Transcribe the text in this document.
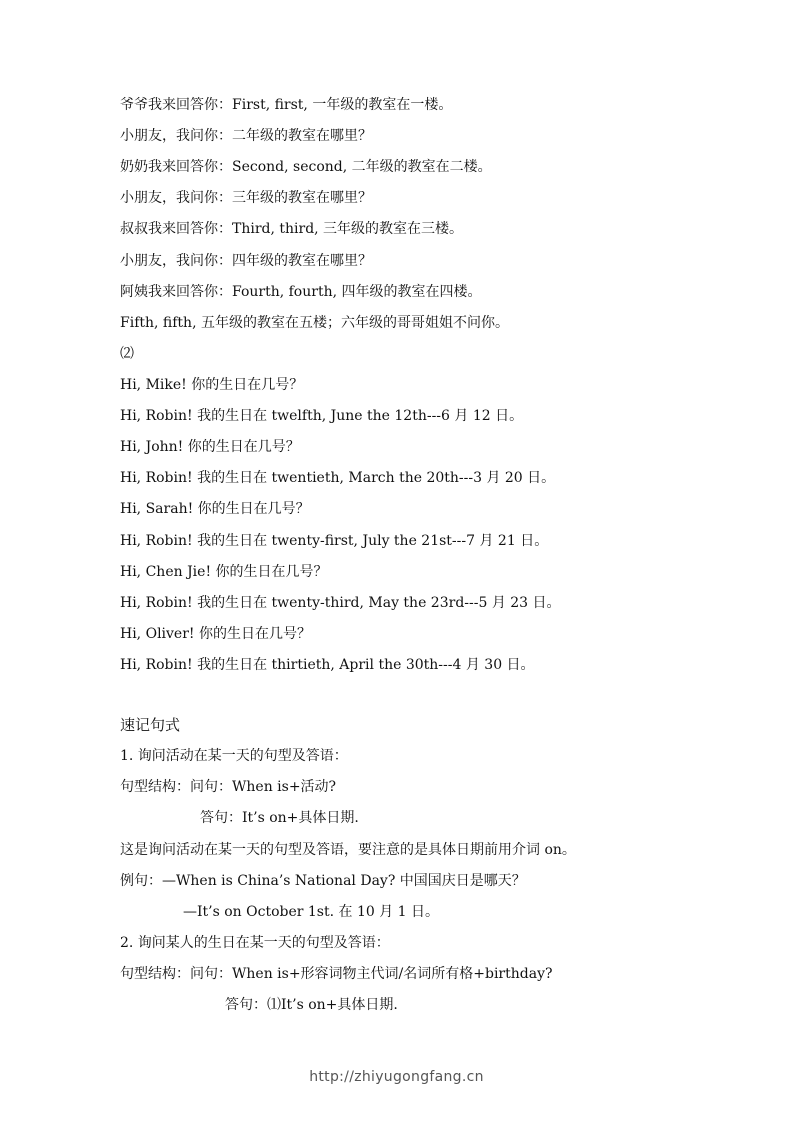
爷爷我来回答你：First, first, 一年级的教室在一楼。
小朋友，我问你：二年级的教室在哪里？
奶奶我来回答你：Second, second, 二年级的教室在二楼。
小朋友，我问你：三年级的教室在哪里？
叔叔我来回答你：Third, third, 三年级的教室在三楼。
小朋友，我问你：四年级的教室在哪里？
阿姨我来回答你：Fourth, fourth, 四年级的教室在四楼。
Fifth, fifth, 五年级的教室在五楼；六年级的哥哥姐姐不问你。
⑵
Hi, Mike! 你的生日在几号？
Hi, Robin! 我的生日在 twelfth, June the 12th---6 月 12 日。
Hi, John! 你的生日在几号？
Hi, Robin! 我的生日在 twentieth, March the 20th---3 月 20 日。
Hi, Sarah! 你的生日在几号？
Hi, Robin! 我的生日在 twenty-first, July the 21st---7 月 21 日。
Hi, Chen Jie! 你的生日在几号？
Hi, Robin! 我的生日在 twenty-third, May the 23rd---5 月 23 日。
Hi, Oliver! 你的生日在几号？
Hi, Robin! 我的生日在 thirtieth, April the 30th---4 月 30 日。
速记句式
1. 询问活动在某一天的句型及答语：
句型结构：问句：When is+活动?
答句：It’s on+具体日期.
这是询问活动在某一天的句型及答语，要注意的是具体日期前用介词 on。
例句：—When is China’s National Day? 中国国庆日是哪天？
—It’s on October 1st. 在 10 月 1 日。
2. 询问某人的生日在某一天的句型及答语：
句型结构：问句：When is+形容词物主代词/名词所有格+birthday?
答句：⑴It’s on+具体日期.
http://zhiyugongfang.cn
